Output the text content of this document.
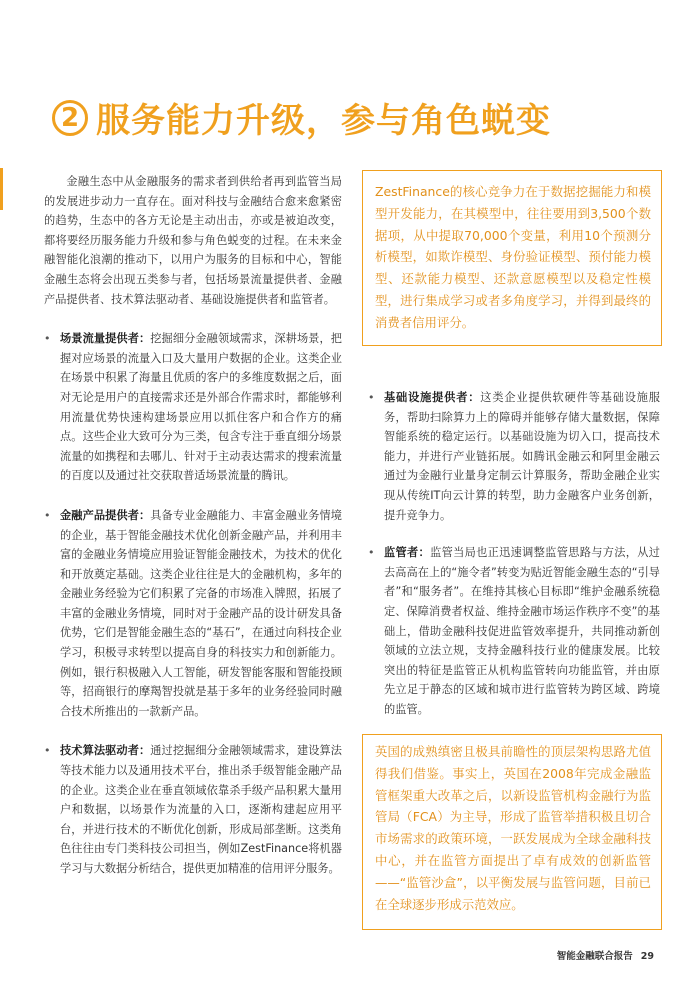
2 服务能力升级，参与角色蜕变

金融生态中从金融服务的需求者到供给者再到监管当局的发展进步动力一直存在。面对科技与金融结合愈来愈紧密的趋势，生态中的各方无论是主动出击，亦或是被迫改变，都将要经历服务能力升级和参与角色蜕变的过程。在未来金融智能化浪潮的推动下，以用户为服务的目标和中心，智能金融生态将会出现五类参与者，包括场景流量提供者、金融产品提供者、技术算法驱动者、基础设施提供者和监管者。

• 场景流量提供者：挖掘细分金融领域需求，深耕场景，把握对应场景的流量入口及大量用户数据的企业。这类企业在场景中积累了海量且优质的客户的多维度数据之后，面对无论是用户的直接需求还是外部合作需求时，都能够利用流量优势快速构建场景应用以抓住客户和合作方的痛点。这些企业大致可分为三类，包含专注于垂直细分场景流量的如携程和去哪儿、针对于主动表达需求的搜索流量的百度以及通过社交获取普适场景流量的腾讯。
• 金融产品提供者：具备专业金融能力、丰富金融业务情境的企业，基于智能金融技术优化创新金融产品，并利用丰富的金融业务情境应用验证智能金融技术，为技术的优化和开放奠定基础。这类企业往往是大的金融机构，多年的金融业务经验为它们积累了完备的市场准入牌照，拓展了丰富的金融业务情境，同时对于金融产品的设计研发具备优势，它们是智能金融生态的“基石”，在通过向科技企业学习，积极寻求转型以提高自身的科技实力和创新能力。例如，银行积极融入人工智能，研发智能客服和智能投顾等，招商银行的摩羯智投就是基于多年的业务经验同时融合技术所推出的一款新产品。
• 技术算法驱动者：通过挖掘细分金融领域需求，建设算法等技术能力以及通用技术平台，推出杀手级智能金融产品的企业。这类企业在垂直领域依靠杀手级产品积累大量用户和数据，以场景作为流量的入口，逐渐构建起应用平台，并进行技术的不断优化创新，形成局部垄断。这类角色往往由专门类科技公司担当，例如ZestFinance将机器学习与大数据分析结合，提供更加精准的信用评分服务。
ZestFinance的核心竞争力在于数据挖掘能力和模型开发能力，在其模型中，往往要用到3,500个数据项，从中提取70,000个变量，利用10个预测分析模型，如欺诈模型、身份验证模型、预付能力模型、还款能力模型、还款意愿模型以及稳定性模型，进行集成学习或者多角度学习，并得到最终的消费者信用评分。
• 基础设施提供者：这类企业提供软硬件等基础设施服务，帮助扫除算力上的障碍并能够存储大量数据，保障智能系统的稳定运行。以基础设施为切入口，提高技术能力，并进行产业链拓展。如腾讯金融云和阿里金融云通过为金融行业量身定制云计算服务，帮助金融企业实现从传统IT向云计算的转型，助力金融客户业务创新，提升竞争力。
• 监管者：监管当局也正迅速调整监管思路与方法，从过去高高在上的“施令者”转变为贴近智能金融生态的“引导者”和“服务者”。在维持其核心目标即“维护金融系统稳定、保障消费者权益、维持金融市场运作秩序不变”的基础上，借助金融科技促进监管效率提升，共同推动新创领域的立法立规，支持金融科技行业的健康发展。比较突出的特征是监管正从机构监管转向功能监管，并由原先立足于静态的区域和城市进行监管转为跨区域、跨境的监管。
英国的成熟缜密且极具前瞻性的顶层架构思路尤值得我们借鉴。事实上，英国在2008年完成金融监管框架重大改革之后，以新设监管机构金融行为监管局（FCA）为主导，形成了监管举措积极且切合市场需求的政策环境，一跃发展成为全球金融科技中心，并在监管方面提出了卓有成效的创新监管——“监管沙盒”，以平衡发展与监管问题，目前已在全球逐步形成示范效应。
智能金融联合报告 29
